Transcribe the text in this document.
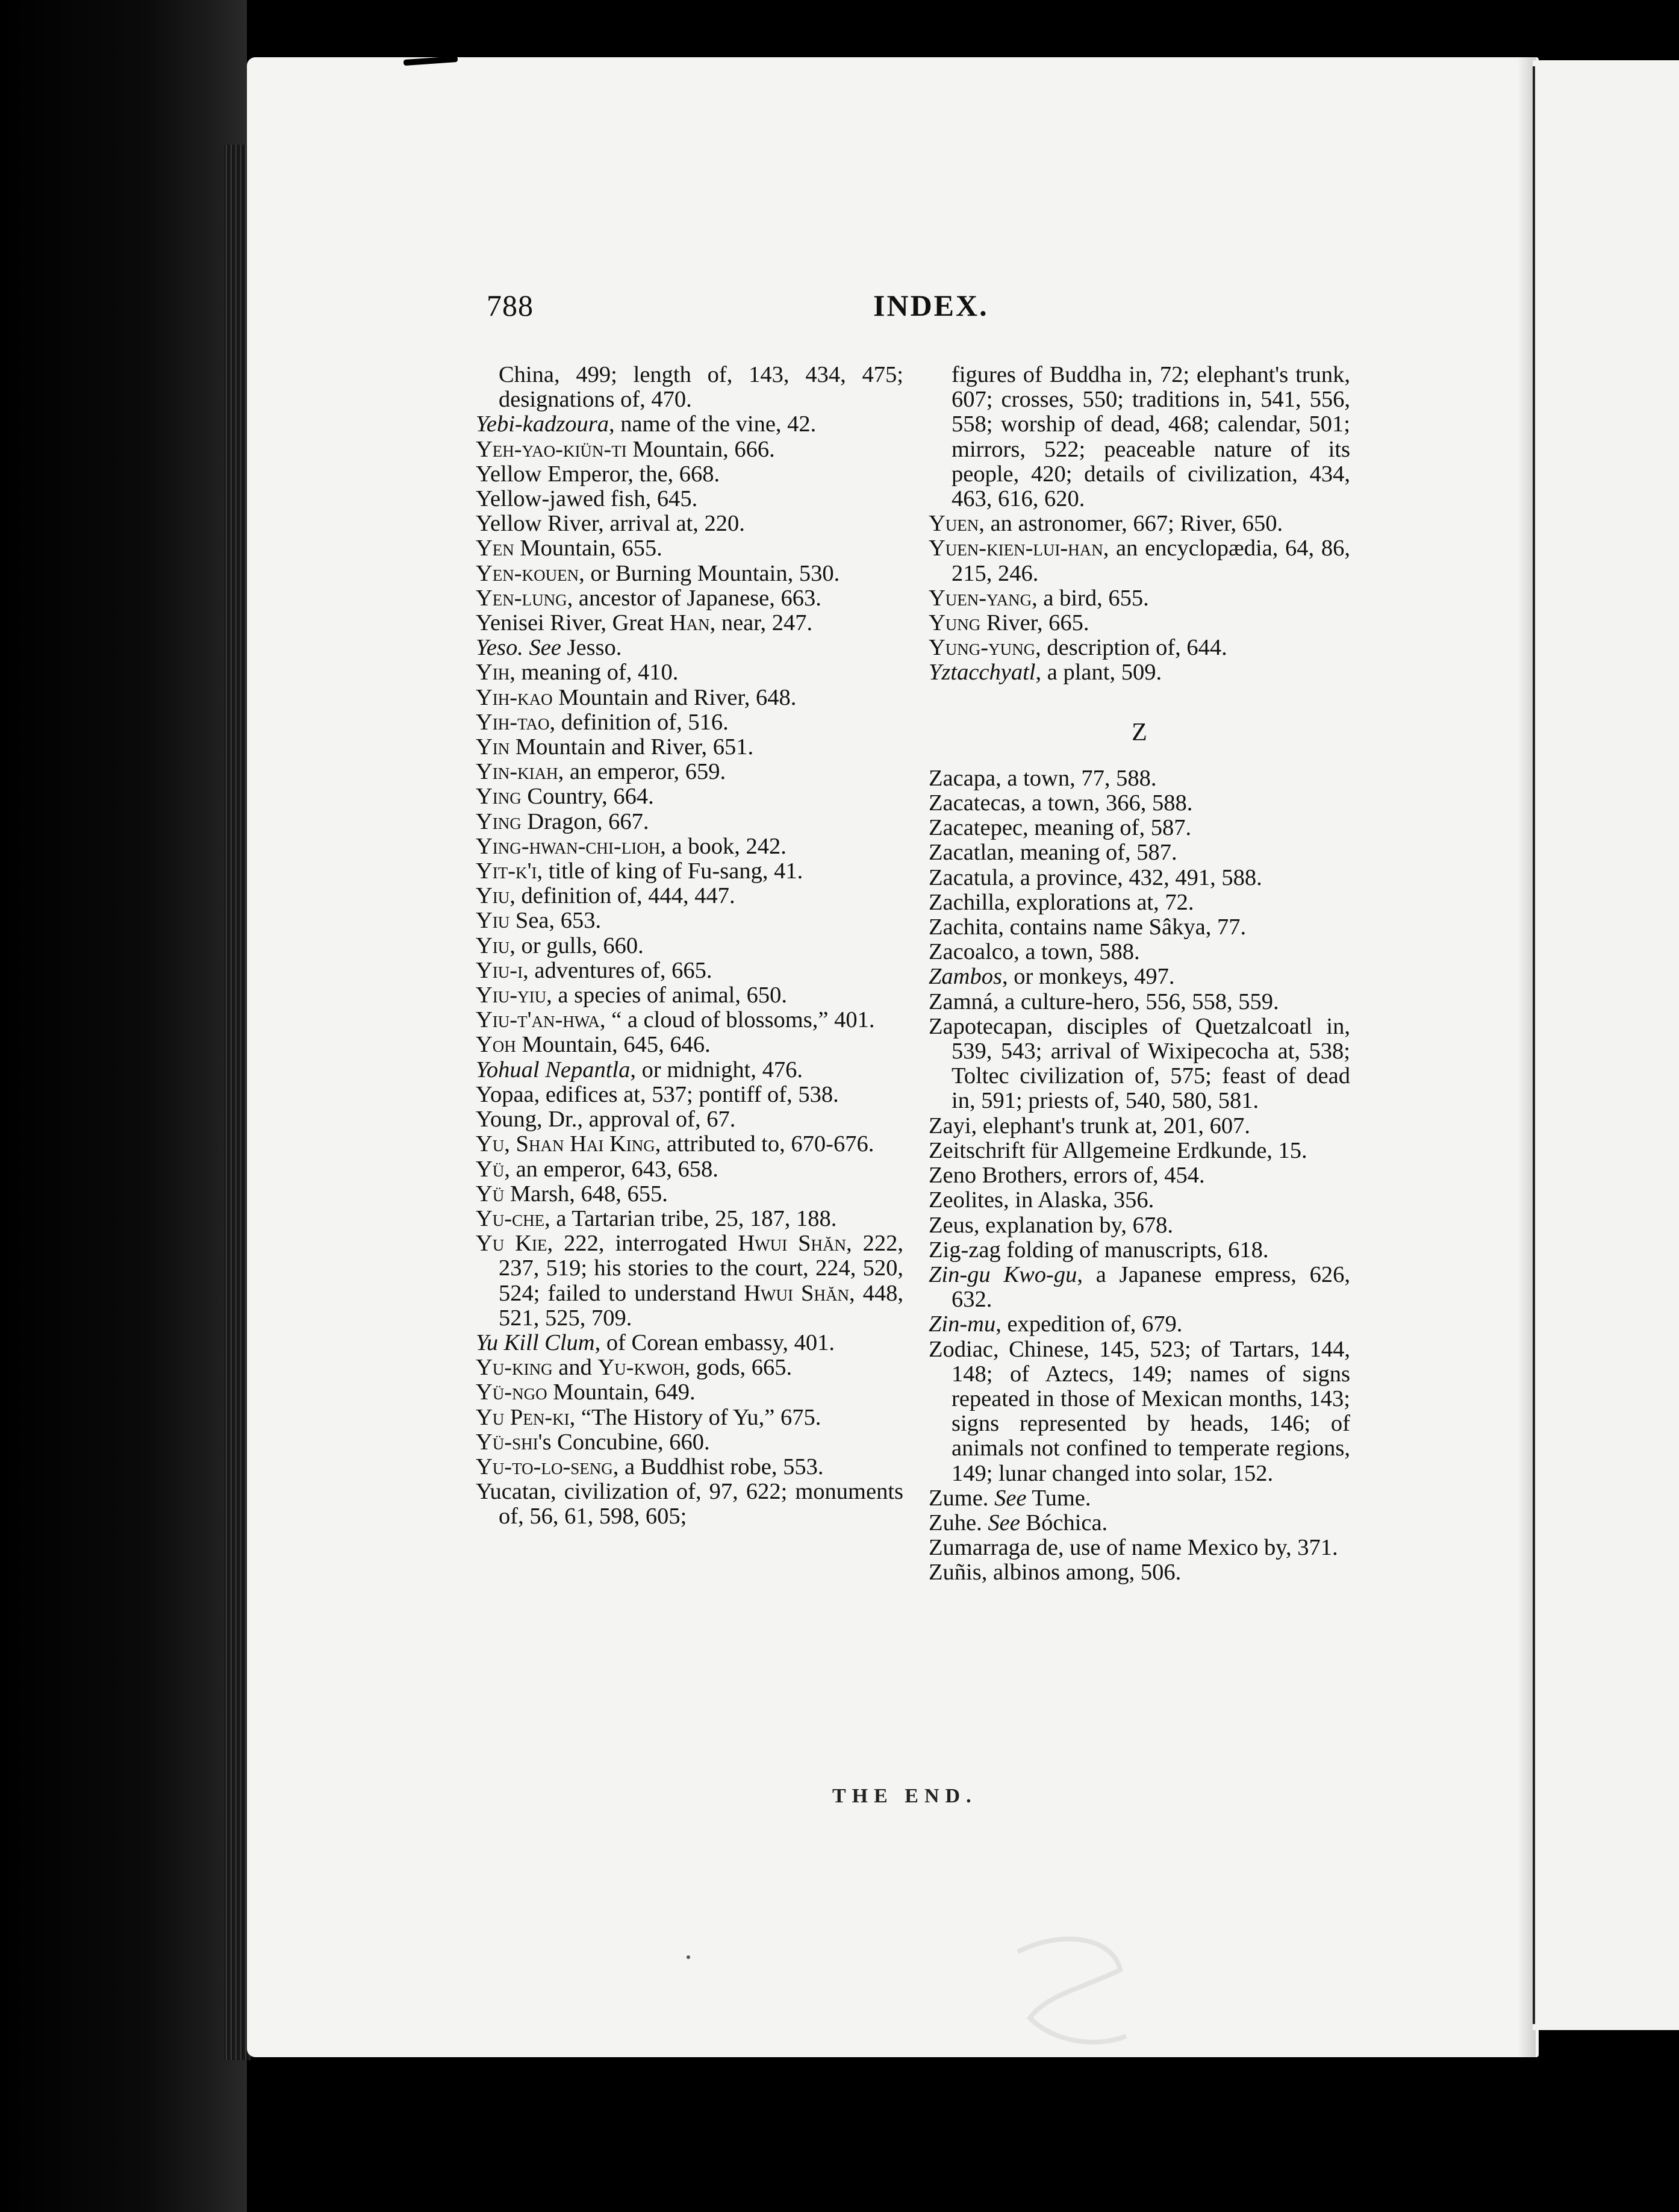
788	INDEX.
China, 499; length of, 143, 434, 475; designations of, 470.
Yebi-kadzoura, name of the vine, 42.
Yeh-yao-kiün-ti Mountain, 666.
Yellow Emperor, the, 668.
Yellow-jawed fish, 645.
Yellow River, arrival at, 220.
Yen Mountain, 655.
Yen-kouen, or Burning Mountain, 530.
Yen-lung, ancestor of Japanese, 663.
Yenisei River, Great Han, near, 247.
Yeso. See Jesso.
Yih, meaning of, 410.
Yih-kao Mountain and River, 648.
Yih-tao, definition of, 516.
Yin Mountain and River, 651.
Yin-kiah, an emperor, 659.
Ying Country, 664.
Ying Dragon, 667.
Ying-hwan-chi-lioh, a book, 242.
Yit-k'i, title of king of Fu-sang, 41.
Yiu, definition of, 444, 447.
Yiu Sea, 653.
Yiu, or gulls, 660.
Yiu-i, adventures of, 665.
Yiu-yiu, a species of animal, 650.
Yiu-t'an-hwa, “ a cloud of blossoms,” 401.
Yoh Mountain, 645, 646.
Yohual Nepantla, or midnight, 476.
Yopaa, edifices at, 537; pontiff of, 538.
Young, Dr., approval of, 67.
Yu, Shan Hai King, attributed to, 670-676.
Yü, an emperor, 643, 658.
Yü Marsh, 648, 655.
Yu-che, a Tartarian tribe, 25, 187, 188.
Yu Kie, 222, interrogated Hwui Shăn, 222, 237, 519; his stories to the court, 224, 520, 524; failed to understand Hwui Shăn, 448, 521, 525, 709.
Yu Kill Clum, of Corean embassy, 401.
Yu-king and Yu-kwoh, gods, 665.
Yü-ngo Mountain, 649.
Yu Pen-ki, “The History of Yu,” 675.
Yü-shi's Concubine, 660.
Yu-to-lo-seng, a Buddhist robe, 553.
Yucatan, civilization of, 97, 622; monuments of, 56, 61, 598, 605;
figures of Buddha in, 72; elephant's trunk, 607; crosses, 550; traditions in, 541, 556, 558; worship of dead, 468; calendar, 501; mirrors, 522; peaceable nature of its people, 420; details of civilization, 434, 463, 616, 620.
Yuen, an astronomer, 667; River, 650.
Yuen-kien-lui-han, an encyclopædia, 64, 86, 215, 246.
Yuen-yang, a bird, 655.
Yung River, 665.
Yung-yung, description of, 644.
Yztacchyatl, a plant, 509.
Z
Zacapa, a town, 77, 588.
Zacatecas, a town, 366, 588.
Zacatepec, meaning of, 587.
Zacatlan, meaning of, 587.
Zacatula, a province, 432, 491, 588.
Zachilla, explorations at, 72.
Zachita, contains name Sâkya, 77.
Zacoalco, a town, 588.
Zambos, or monkeys, 497.
Zamná, a culture-hero, 556, 558, 559.
Zapotecapan, disciples of Quetzalcoatl in, 539, 543; arrival of Wixipecocha at, 538; Toltec civilization of, 575; feast of dead in, 591; priests of, 540, 580, 581.
Zayi, elephant's trunk at, 201, 607.
Zeitschrift für Allgemeine Erdkunde, 15.
Zeno Brothers, errors of, 454.
Zeolites, in Alaska, 356.
Zeus, explanation by, 678.
Zig-zag folding of manuscripts, 618.
Zin-gu Kwo-gu, a Japanese empress, 626, 632.
Zin-mu, expedition of, 679.
Zodiac, Chinese, 145, 523; of Tartars, 144, 148; of Aztecs, 149; names of signs repeated in those of Mexican months, 143; signs represented by heads, 146; of animals not confined to temperate regions, 149; lunar changed into solar, 152.
Zume. See Tume.
Zuhe. See Bóchica.
Zumarraga de, use of name Mexico by, 371.
Zuñis, albinos among, 506.
THE END.
